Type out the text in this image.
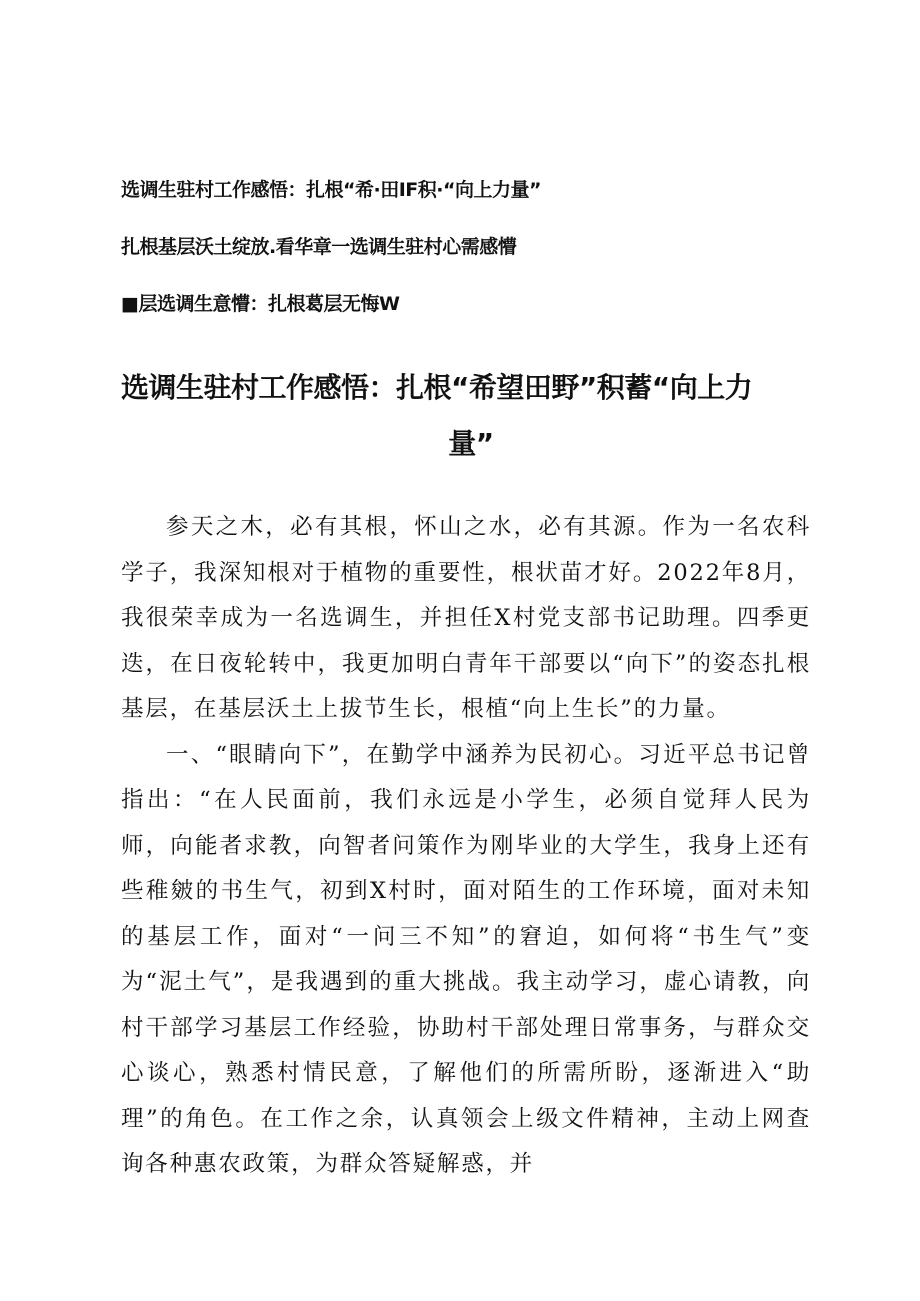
选调生驻村工作感悟：扎根“希·田IF积·“向上力量”
扎根基层沃土绽放.看华章一选调生驻村心需感懵
■层选调生意懵：扎根葛层无悔W
选调生驻村工作感悟：扎根“希望田野”积蓄“向上力
量”

参天之木，必有其根，怀山之水，必有其源。作为一名农科学子，我深知根对于植物的重要性，根状苗才好。2022年8月，我很荣幸成为一名选调生，并担任X村党支部书记助理。四季更迭，在日夜轮转中，我更加明白青年干部要以“向下”的姿态扎根基层，在基层沃土上拔节生长，根植“向上生长”的力量。

一、“眼睛向下”，在勤学中涵养为民初心。习近平总书记曾指出：“在人民面前，我们永远是小学生，必须自觉拜人民为师，向能者求教，向智者问策作为刚毕业的大学生，我身上还有些稚皴的书生气，初到X村时，面对陌生的工作环境，面对未知的基层工作，面对“一问三不知”的窘迫，如何将“书生气”变为“泥土气”，是我遇到的重大挑战。我主动学习，虚心请教，向村干部学习基层工作经验，协助村干部处理日常事务，与群众交心谈心，熟悉村情民意，了解他们的所需所盼，逐渐进入“助理”的角色。在工作之余，认真领会上级文件精神，主动上网查询各种惠农政策，为群众答疑解惑，并
